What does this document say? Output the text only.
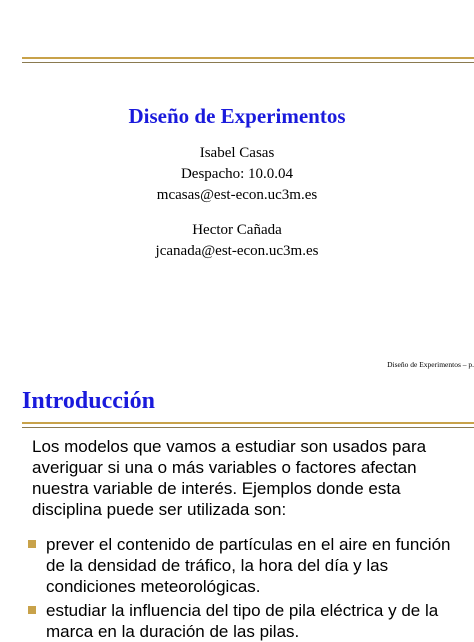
Diseño de Experimentos
Isabel Casas
Despacho: 10.0.04
mcasas@est-econ.uc3m.es
Hector Cañada
jcanada@est-econ.uc3m.es
Diseño de Experimentos – p.
Introducción
Los modelos que vamos a estudiar son usados para averiguar si una o más variables o factores afectan nuestra variable de interés. Ejemplos donde esta disciplina puede ser utilizada son:
prever el contenido de partículas en el aire en función de la densidad de tráfico, la hora del día y las condiciones meteorológicas.
estudiar la influencia del tipo de pila eléctrica y de la marca en la duración de las pilas.
